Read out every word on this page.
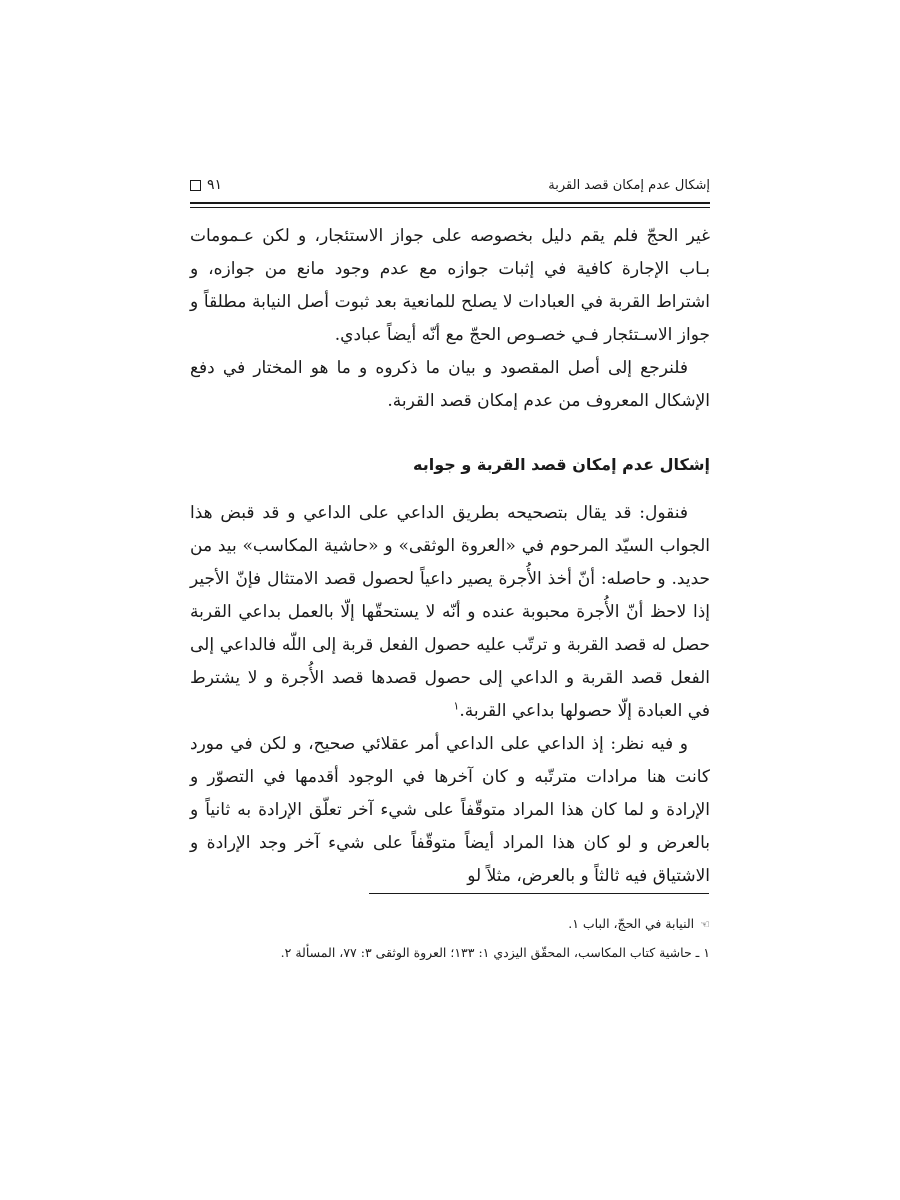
إشكال عدم إمكان قصد القربة
٩١

غير الحجّ فلم يقم دليل بخصوصه على جواز الاستئجار، و لكن عـمومات بـاب الإجارة كافية في إثبات جوازه مع عدم وجود مانع من جوازه، و اشتراط القربة في العبادات لا يصلح للمانعية بعد ثبوت أصل النيابة مطلقاً و جواز الاسـتئجار فـي خصـوص الحجّ مع أنّه أيضاً عبادي.

فلنرجع إلى أصل المقصود و بيان ما ذكروه و ما هو المختار في دفع الإشكال المعروف من عدم إمكان قصد القربة.

إشكال عدم إمكان قصد القربة و جوابه

فنقول: قد يقال بتصحيحه بطريق الداعي على الداعي و قد قبض هذا الجواب السيّد المرحوم في «العروة الوثقى» و «حاشية المكاسب» بيد من حديد. و حاصله: أنّ أخذ الأُجرة يصير داعياً لحصول قصد الامتثال فإنّ الأجير إذا لاحظ أنّ الأُجرة محبوبة عنده و أنّه لا يستحقّها إلّا بالعمل بداعي القربة حصل له قصد القربة و ترتّب عليه حصول الفعل قربة إلى اللّه فالداعي إلى الفعل قصد القربة و الداعي إلى حصول قصدها قصد الأُجرة و لا يشترط في العبادة إلّا حصولها بداعي القربة.$^١$

و فيه نظر: إذ الداعي على الداعي أمر عقلائي صحيح، و لكن في مورد كانت هنا مرادات مترتّبه و كان آخرها في الوجود أقدمها في التصوّر و الإرادة و لما كان هذا المراد متوقّفاً على شيء آخر تعلّق الإرادة به ثانياً و بالعرض و لو كان هذا المراد أيضاً متوقّفاً على شيء آخر وجد الإرادة و الاشتياق فيه ثالثاً و بالعرض، مثلاً لو

☜النيابة في الحجّ، الباب ١.

١ ـ حاشية كتاب المكاسب، المحقّق اليزدي ١: ١٣٣؛ العروة الوثقى ٣: ٧٧، المسألة ٢.
